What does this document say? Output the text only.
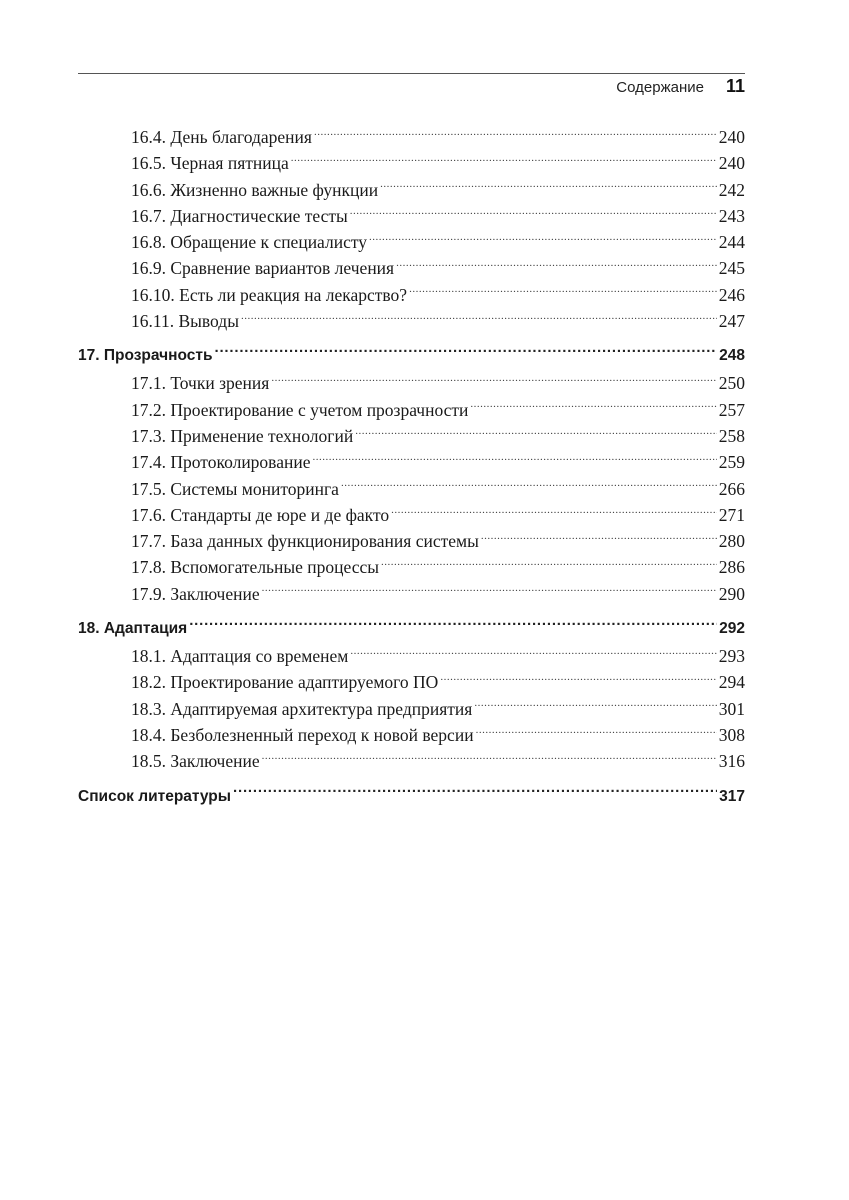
Содержание 11
16.4. День благодарения .....	240
16.5. Черная пятница .....	240
16.6. Жизненно важные функции .....	242
16.7. Диагностические тесты .....	243
16.8. Обращение к специалисту .....	244
16.9. Сравнение вариантов лечения .....	245
16.10. Есть ли реакция на лекарство? .....	246
16.11. Выводы .....	247
17. Прозрачность .....	248
17.1. Точки зрения .....	250
17.2. Проектирование с учетом прозрачности .....	257
17.3. Применение технологий .....	258
17.4. Протоколирование .....	259
17.5. Системы мониторинга .....	266
17.6. Стандарты де юре и де факто .....	271
17.7. База данных функционирования системы .....	280
17.8. Вспомогательные процессы .....	286
17.9. Заключение .....	290
18. Адаптация .....	292
18.1. Адаптация со временем .....	293
18.2. Проектирование адаптируемого ПО .....	294
18.3. Адаптируемая архитектура предприятия .....	301
18.4. Безболезненный переход к новой версии .....	308
18.5. Заключение .....	316
Список литературы .....	317
